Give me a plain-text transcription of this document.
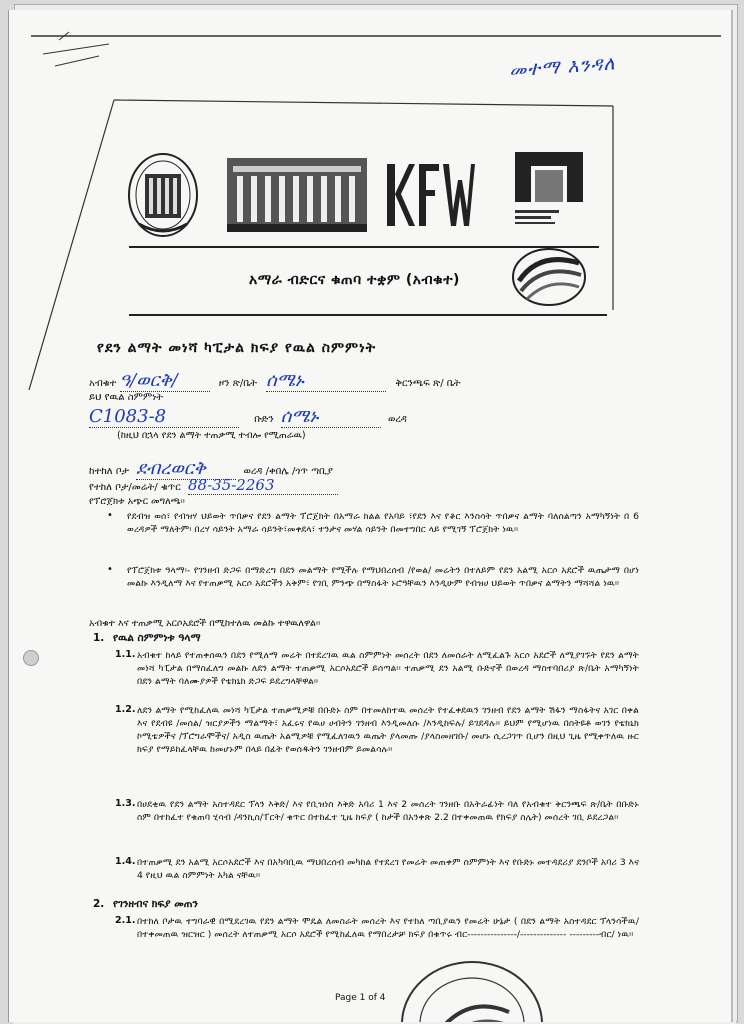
መተማ እንዳለ
አማራ ብድርና ቁጠባ ተቋም (አብቁተ)
የደን ልማት መነሻ ካፒታል ክፍያ የዉል ስምምነት
አብቁተ ዓ/ወርቅ/	ዞን ጽ/ቤት ሰሜኑ	ቅርንጫፍ ጽ/ ቤት
ይህ የዉል ስምምነት
C1083-8	ቡድን ሰሜኑ	ወረዳ
(ከዚህ በኋላ የደን ልማት ተጠቃሚ ተብሎ የሚጠራዉ)
ከተከለ ቦታ ደብረወርቅ	ወረዳ /ቀበሌ /ጎጥ ጣቢያ
የተከለ ቦታ/መሬት/ ቁጥር 88-35-2263
የፕሮጀክቱ አጭር መግለጫ፡፡
• የደብዝ ወሰ፣ የብዝሃ ህይወት ጥበቃና የደን ልማት ፕሮጀክት በአማራ ክልል የአባይ ፣የደን እና የቆር እንስሳት ጥበቃና ልማት ባለስልጣን አማካኝነት በ 6 ወረዳዎች ማለትም፡ በረሃ ሳይንት አማራ ሳይንት፣መቀደላ፣ ተንታና መሃል ሳይንት በመተግበር ላይ የሚገኝ ፕሮጀክት ነዉ፡፡
• የፕሮጀክቱ ዓላማ፡- የገንዘብ ድጋፍ በማድረግ በደን መልማት የሚችሉ የማህበረሰብ /የወል/ መሬትን በተለይም የደን አልሚ አርሶ አደሮች ዉጤታማ በሆነ መልኩ እንዲለማ እና የተጠቃሚ አርሶ አደሮችን አቅም፣ የገቢ ምንጭ በማስፋት ኑሮዓቸዉን እንዲሁም የብዝሀ ህይወት ጥበቃና ልማትን ማሻሻል ነዉ፡፡
አብቁተ እና ተጠቃሚ አርሶአደሮች በሚከተለዉ መልኩ ተዋዉለዋል፡፡
1. የዉል ስምምነቱ ዓላማ
1.1. አብቁተ ከላይ የተጠቀሰዉን በደን የሚለማ መሬት በተደረገዉ ዉል ስምምነት መሰረት በደን ለመሰራት ለሚፈልጉ አርሶ አደሮች ለሚያገኙት የደን ልማት መነሻ ካፒታል በማስፈለግ መልኩ ለደን ልማት ተጠቃሚ አርሶአደሮች ይሰጣል፡፡ ተጠቃሚ ደን አልሚ ቡድኖች በወረዳ ማስተባበሪያ ጽ/ቤት አማካኝነት በደን ልማት ባለሙያዎች የቴክኒክ ድጋፍ ይደረግላቸዋል፡፡
1.2. ለደን ልማት የሚከፈለዉ መነሻ ካፒታል ተጠቃሚዎቹ በቡድኑ ስም በተመለከተዉ መሰረት የተፈቀደዉን ገንዘብ የደን ልማት ሽፋን ማስፋትና አገር በቀል እና የደብዩ /መሰል/ ዝርያዎችን ማልማት፣ አፈሩና የዉሀ ሀብትን ገንዘብ እንዲመለሱ /እንዲከፍሉ/ ይገደዳሉ፡፡ ይህም የሚሆነዉ በስትዩቶ ወገን የቴክኒክ ኮሚቴዎችና /ፕሮግራሞችና/ አዲስ ዉጤት አልሚዎቹ የሚፈለገዉን ዉጤት ያላመጡ /ያላስመዘገቡ/ መሆኑ ሲረጋገጥ ቢሆን በዚህ ጊዜ የሚቀጥለዉ ዙር ክፍያ የማይከፈላቸዉ ከመሆኑም በላይ በፊት የወሰዱትን ገንዘብም ይመልሳሉ፡፡
1.3. በሀደቂዉ የደን ልማት አስተዳደር ፕላን እቅድ/ እና የቢዝነስ እቅድ አባሪ 1 እና 2 መሰረት ገንዘቡ በአትራፊነት ባለ የአብቁተ ቅርንጫፍ ጽ/ቤት በቡድኑ ስም በተከፈተ የቁጠባ ሂሳብ /ዳንኪስ/ፐርት/ ቁጥር በተከፈተ ጊዜ ክፍያ ( ከታች በአንቀጽ 2.2 በተቀመጠዉ የክፍያ ስሌት) መሰረት ገቢ ይደረጋል፡፡
1.4. በተጠቃሚ ደን አልሚ አርሶአደሮች እና በአካባቢዉ ማህበረሰብ መካከል የተደረገ የመሬት መጠቀም ስምምነት እና የቡድኑ መተዳደሪያ ደንቦች አባሪ 3 እና 4 የዚህ ዉል ስምምነት አካል ናቸዉ፡፡
2. የገንዘብና ክፍያ መጠን
2.1. በተከለ ቦታዉ ተግባራዊ በሚደረገዉ የደን ልማት ሞዴል ለመስራት መሰረት እና የተከለ ጣቢያዉን የመሬት ሁኔታ ( በደን ልማት አስተዳደር ፕላንሳችዉ/ በተቀመጠዉ ዝርዝር ) መሰረት ለተጠቃሚ አርሶ አደሮች የሚከፈለዉ የማበረታቻ ክፍያ በቁጥሩ ብር---------------/-------------- ---------ብር/ ነዉ፡፡
Page 1 of 4
